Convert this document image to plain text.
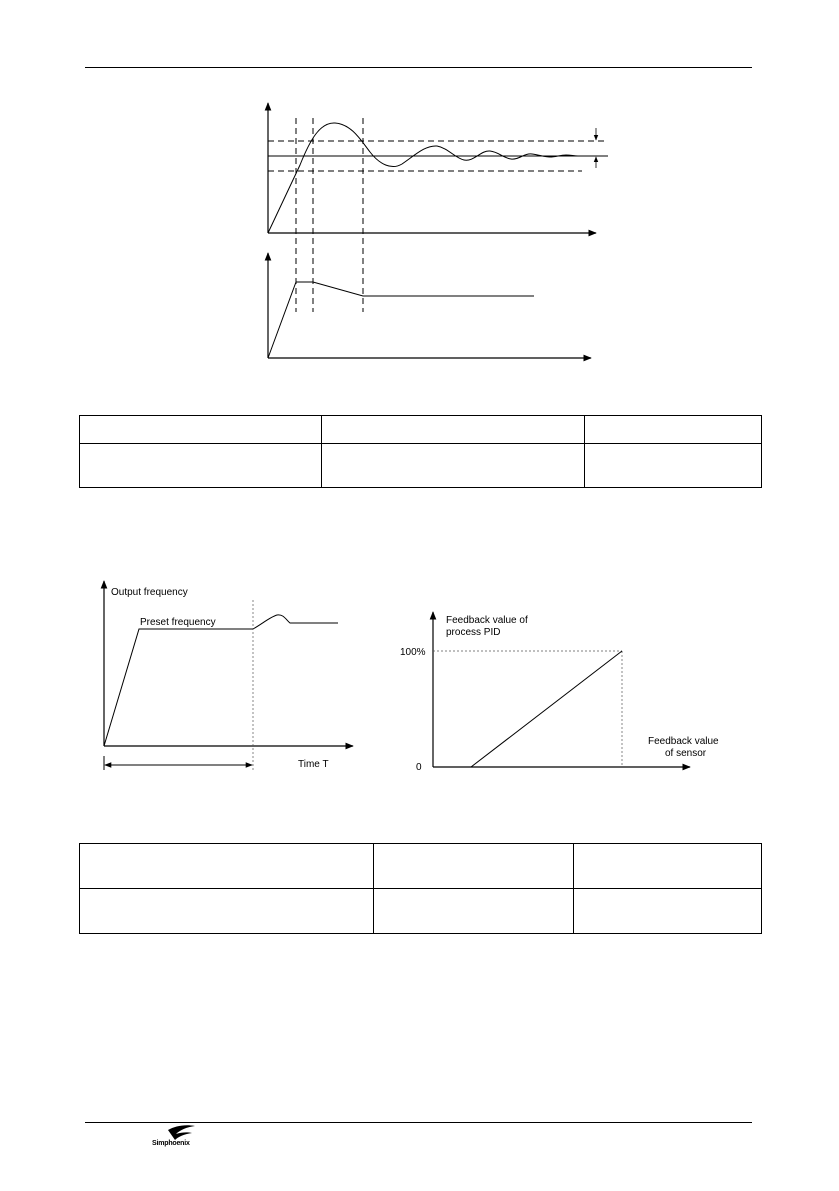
Output frequency
Preset frequency
Time T
Feedback value of
process PID
100%
0
Feedback value
of sensor

Simphoenix
